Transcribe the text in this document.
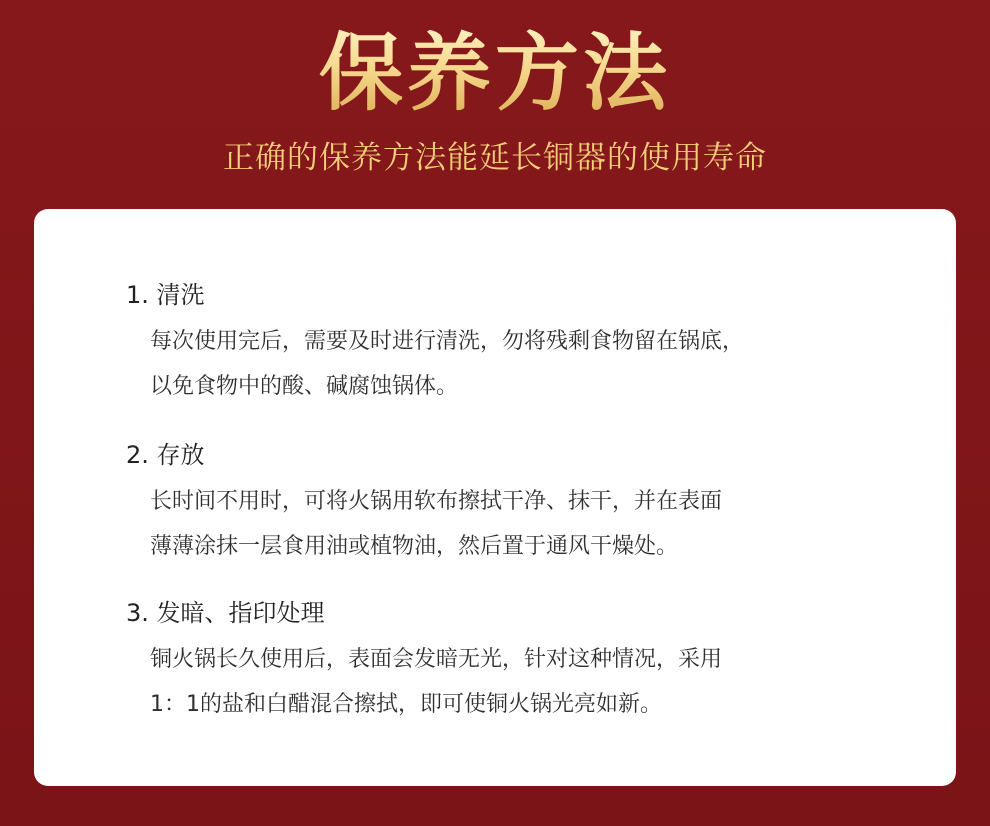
保养方法
正确的保养方法能延长铜器的使用寿命
1. 清洗
每次使用完后，需要及时进行清洗，勿将残剩食物留在锅底，
以免食物中的酸、碱腐蚀锅体。
2. 存放
长时间不用时，可将火锅用软布擦拭干净、抹干，并在表面
薄薄涂抹一层食用油或植物油，然后置于通风干燥处。
3. 发暗、指印处理
铜火锅长久使用后，表面会发暗无光，针对这种情况，采用
1：1的盐和白醋混合擦拭，即可使铜火锅光亮如新。
